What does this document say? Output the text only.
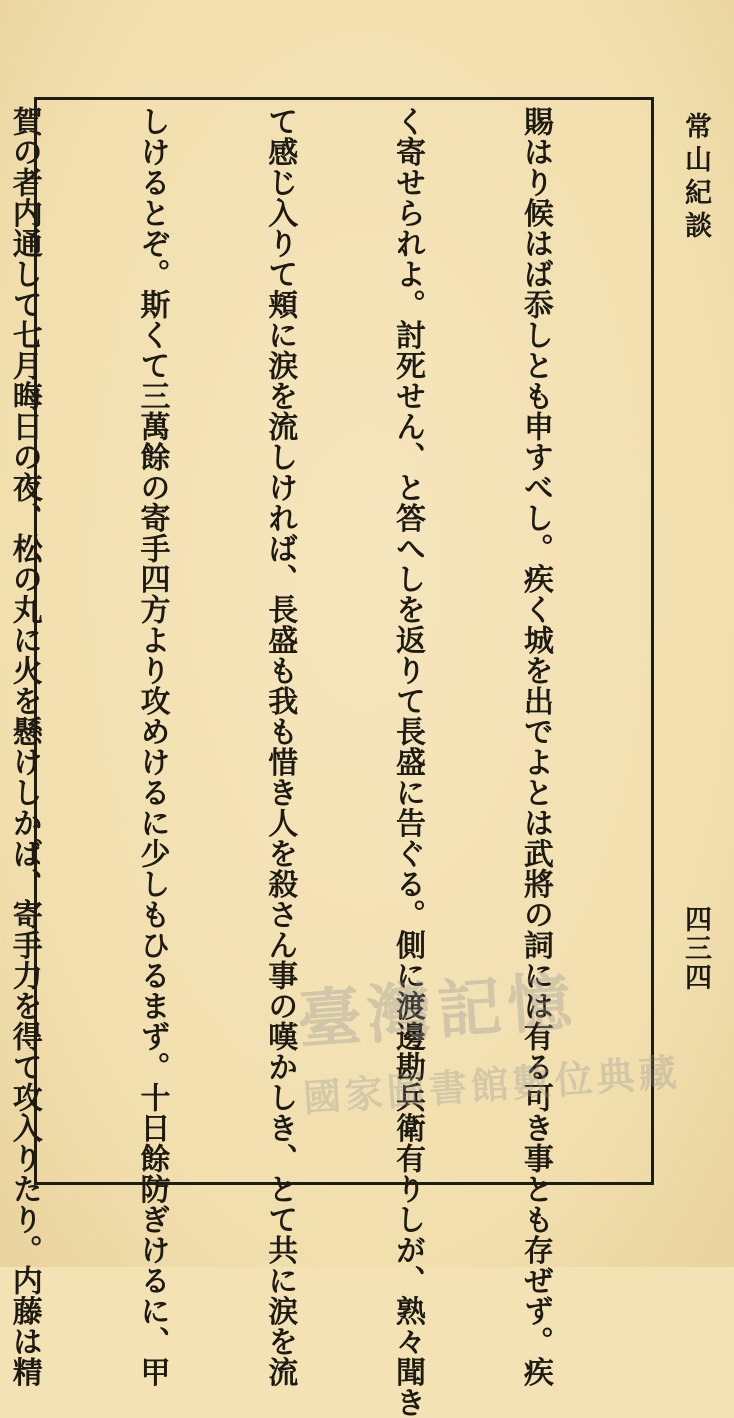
賜はり候はば忝しとも申すべし。疾く城を出でよとは武將の詞には有る可き事とも存ぜず。疾

く寄せられよ。討死せん、と答へしを返りて長盛に告ぐる。側に渡邊勘兵衛有りしが、熟々聞き

て感じ入りて頬に涙を流しければ、長盛も我も惜き人を殺さん事の嘆かしき、とて共に涙を流

しけるとぞ。斯くて三萬餘の寄手四方より攻めけるに少しもひるまず。十日餘防ぎけるに、甲

賀の者内通して七月晦日の夜、松の丸に火を懸けしかば、寄手力を得て攻入りたり。内藤は精

	常山紀談
四三四
臺灣記憶
國家圖書館數位典藏
